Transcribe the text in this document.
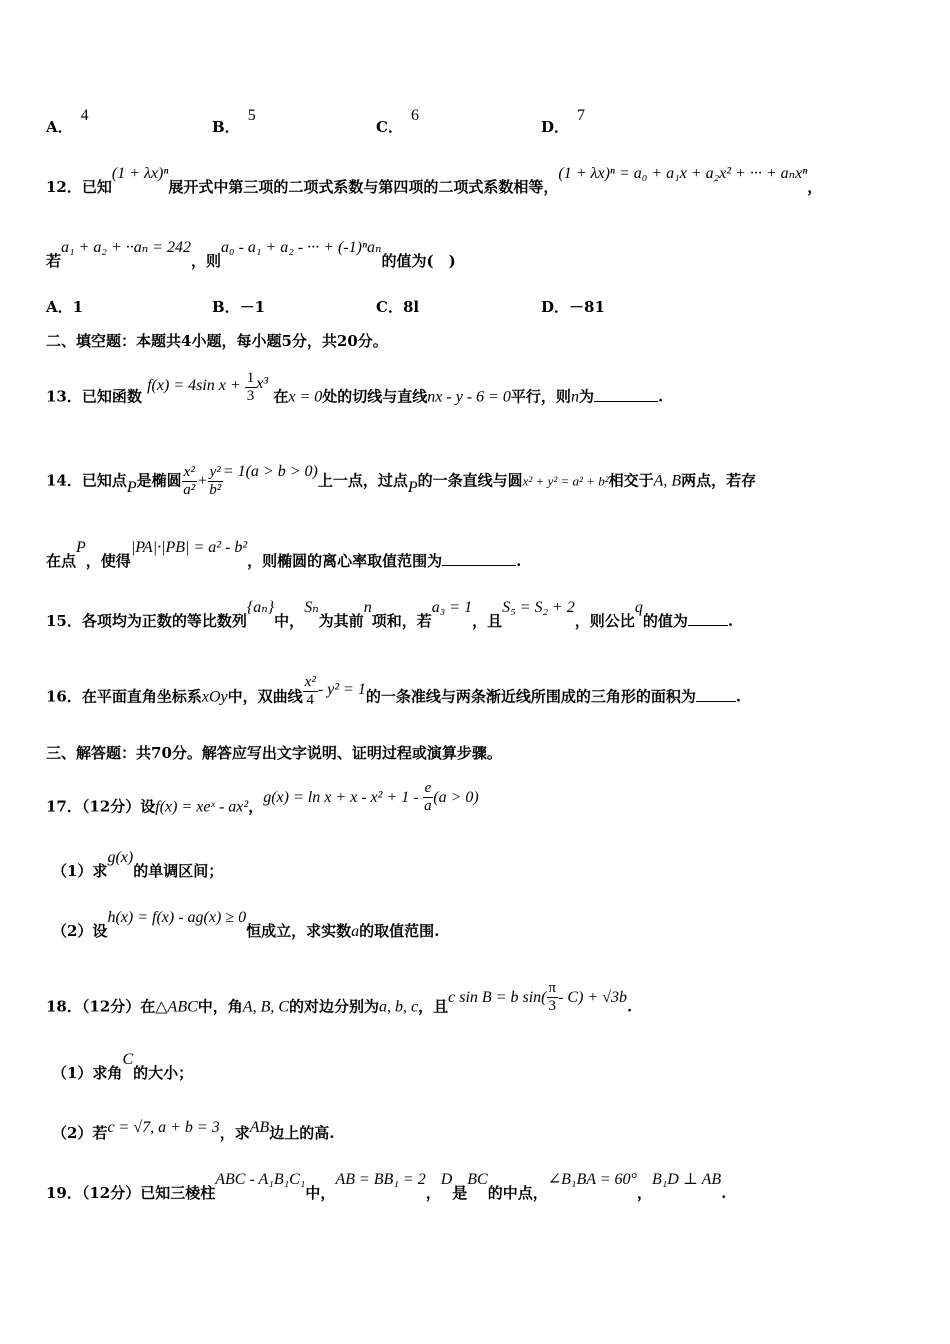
A．4
B．5
C．6
D．7
12．已知(1 + λx)ⁿ展开式中第三项的二项式系数与第四项的二项式系数相等，(1 + λx)ⁿ = a₀ + a₁x + a₂x² + ··· + aₙxⁿ，
若a₁ + a₂ + ··aₙ = 242，则a₀ - a₁ + a₂ - ··· + (-1)ⁿaₙ的值为(　)
A．1	B．－1	C．8l	D．－81
二、填空题：本题共4小题，每小题5分，共20分。
13．已知函数 f(x) = 4sin $x + \frac{1}{3} x^3$ 在x = 0处的切线与直线nx - y - 6 = 0平行，则n为	.
14．已知点P是椭圆 $\frac{\text{x²}}{\text{a²}} + \frac{\text{y²}}{\text{b²}} = 1(a > b > 0)$上一点，过点P的一条直线与圆x² + y² = a² + b²相交于A, B两点，若存
在点P，使得|PA|·|PB| = a² - b²，则椭圆的离心率取值范围为	.
15．各项均为正数的等比数列{aₙ}中，Sₙ为其前n项和，若a₃ = 1，且S₅ = S₂ + 2，则公比q的值为	.
16．在平面直角坐标系xOy中，双曲线 $\frac{\text{x²}}{4} - y^2 = 1$的一条准线与两条渐近线所围成的三角形的面积为	.
三、解答题：共70分。解答应写出文字说明、证明过程或演算步骤。
17．（12分）设f(x) = xeˣ - ax²，$g(x) = \ln x + x - x^2 + 1 - \frac{e}{a} (a > 0)$
（1）求g(x)的单调区间；
（2）设h(x) = f(x) - ag(x) ≥ 0恒成立，求实数a的取值范围.
18．（12分）在△ABC中，角A, B, C的对边分别为a, b, c，且c sin B = b $\sin( \frac{\pi}{3} - C) + √3b$.
（1）求角C的大小；
（2）若c = √7, a + b = 3，求AB边上的高.
19．（12分）已知三棱柱ABC - A₁B₁C₁中，AB = BB₁ = 2，D是BC的中点，∠B₁BA = 60°，B₁D ⊥ AB.
